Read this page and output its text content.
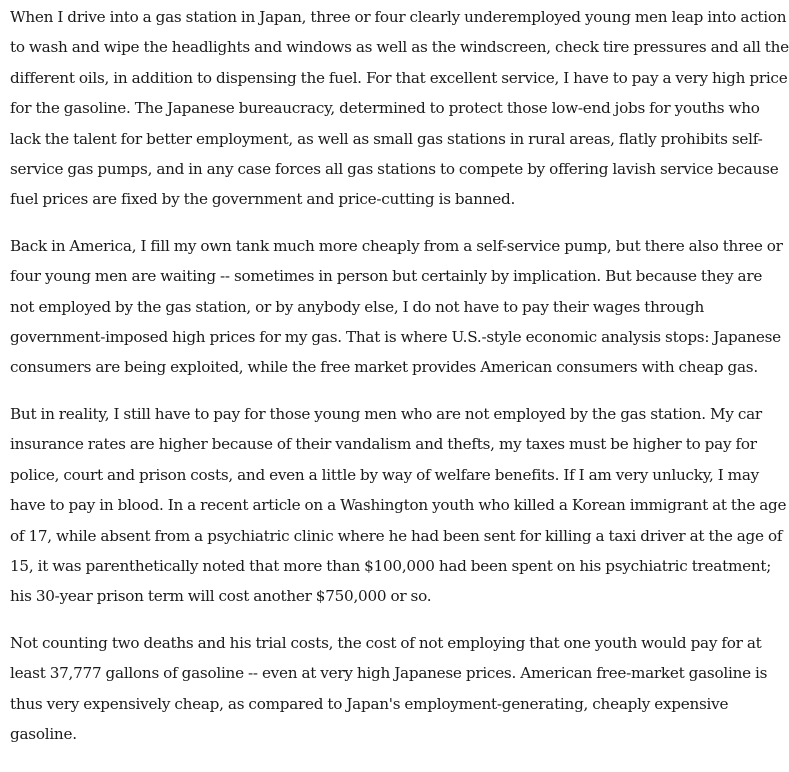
When I drive into a gas station in Japan, three or four clearly underemployed young men leap into action to wash and wipe the headlights and windows as well as the windscreen, check tire pressures and all the different oils, in addition to dispensing the fuel. For that excellent service, I have to pay a very high price for the gasoline. The Japanese bureaucracy, determined to protect those low-end jobs for youths who lack the talent for better employment, as well as small gas stations in rural areas, flatly prohibits self-service gas pumps, and in any case forces all gas stations to compete by offering lavish service because fuel prices are fixed by the government and price-cutting is banned.

Back in America, I fill my own tank much more cheaply from a self-service pump, but there also three or four young men are waiting -- sometimes in person but certainly by implication. But because they are not employed by the gas station, or by anybody else, I do not have to pay their wages through government-imposed high prices for my gas. That is where U.S.-style economic analysis stops: Japanese consumers are being exploited, while the free market provides American consumers with cheap gas.

But in reality, I still have to pay for those young men who are not employed by the gas station. My car insurance rates are higher because of their vandalism and thefts, my taxes must be higher to pay for police, court and prison costs, and even a little by way of welfare benefits. If I am very unlucky, I may have to pay in blood. In a recent article on a Washington youth who killed a Korean immigrant at the age of 17, while absent from a psychiatric clinic where he had been sent for killing a taxi driver at the age of 15, it was parenthetically noted that more than $100,000 had been spent on his psychiatric treatment; his 30-year prison term will cost another $750,000 or so.

Not counting two deaths and his trial costs, the cost of not employing that one youth would pay for at least 37,777 gallons of gasoline -- even at very high Japanese prices. American free-market gasoline is thus very expensively cheap, as compared to Japan's employment-generating, cheaply expensive gasoline.
